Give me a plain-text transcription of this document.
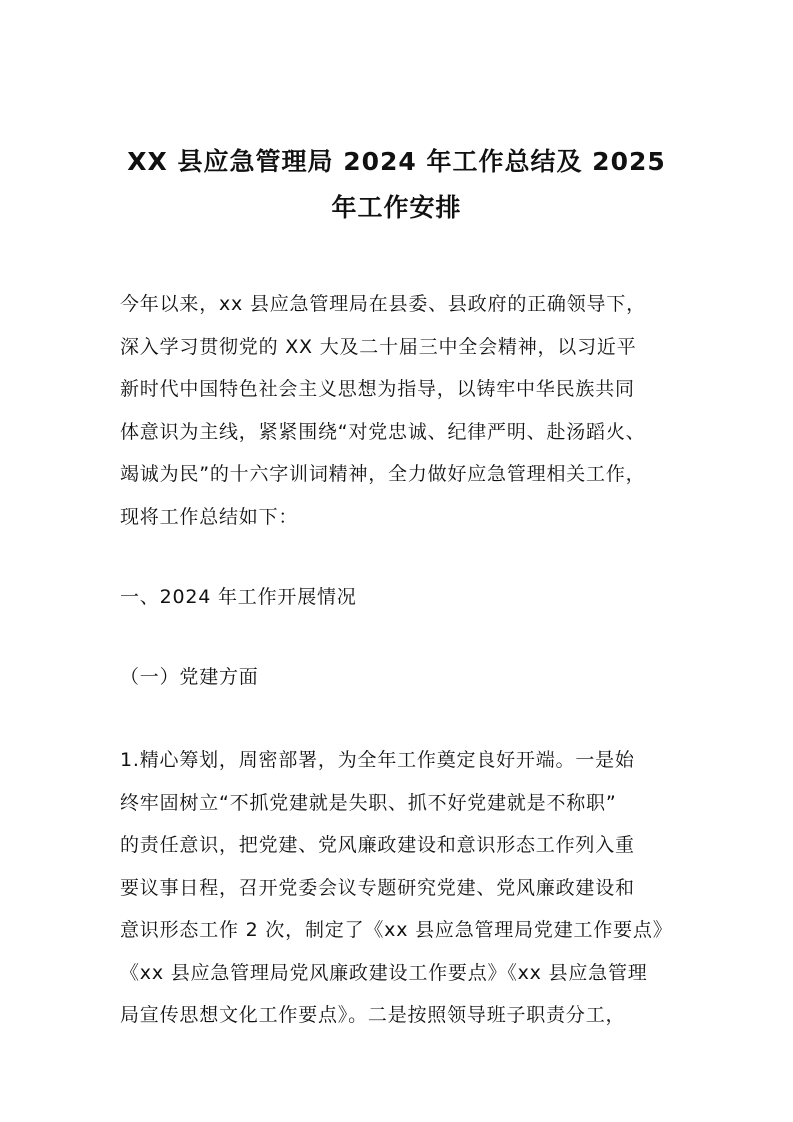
XX 县应急管理局 2024 年工作总结及 2025
年工作安排

今年以来，xx 县应急管理局在县委、县政府的正确领导下，
深入学习贯彻党的 XX 大及二十届三中全会精神，以习近平
新时代中国特色社会主义思想为指导，以铸牢中华民族共同
体意识为主线，紧紧围绕“对党忠诚、纪律严明、赴汤蹈火、
竭诚为民”的十六字训词精神，全力做好应急管理相关工作，
现将工作总结如下：

一、2024 年工作开展情况

（一）党建方面

1.精心筹划，周密部署，为全年工作奠定良好开端。一是始
终牢固树立“不抓党建就是失职、抓不好党建就是不称职”
的责任意识，把党建、党风廉政建设和意识形态工作列入重
要议事日程，召开党委会议专题研究党建、党风廉政建设和
意识形态工作 2 次，制定了《xx 县应急管理局党建工作要点》
《xx 县应急管理局党风廉政建设工作要点》《xx 县应急管理
局宣传思想文化工作要点》。二是按照领导班子职责分工，
